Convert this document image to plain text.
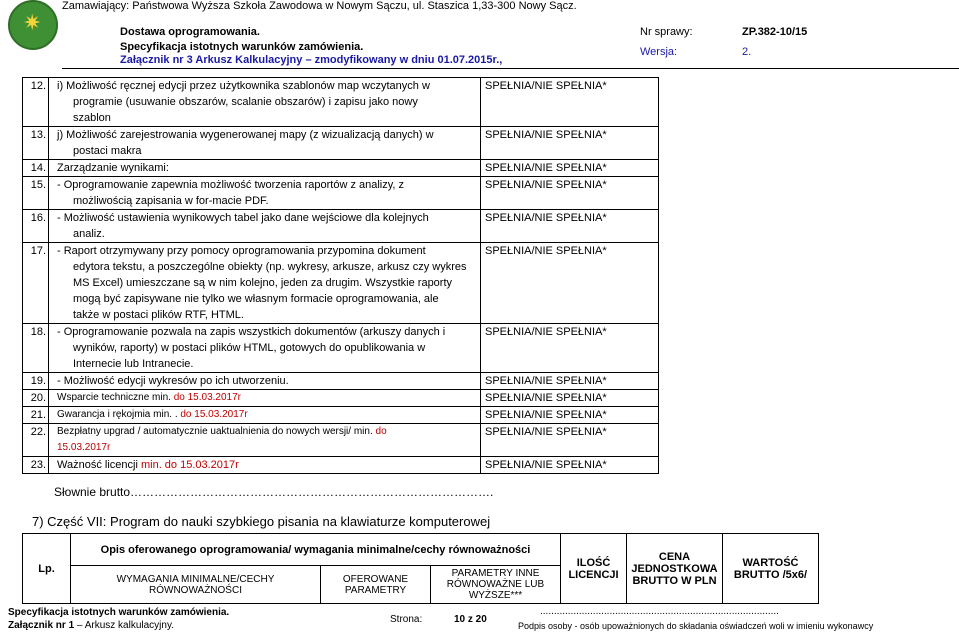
✷
Zamawiający: Państwowa Wyższa Szkoła Zawodowa w Nowym Sączu, ul. Staszica 1,33-300 Nowy Sącz.
Dostawa oprogramowania.
Specyfikacja istotnych warunków zamówienia.
Załącznik nr 3 Arkusz Kalkulacyjny – zmodyfikowany w dniu 01.07.2015r.,
Nr sprawy:	ZP.382-10/15
Wersja:	2.
12.	i) Możliwość ręcznej edycji przez użytkownika szablonów map wczytanych w
programie (usuwanie obszarów, scalanie obszarów) i zapisu jako nowy
szablon	SPEŁNIA/NIE SPEŁNIA*
13.	j) Możliwość zarejestrowania wygenerowanej mapy (z wizualizacją danych) w
postaci makra	SPEŁNIA/NIE SPEŁNIA*
14.	Zarządzanie wynikami:	SPEŁNIA/NIE SPEŁNIA*
15.	- Oprogramowanie zapewnia możliwość tworzenia raportów z analizy, z
możliwością zapisania w for-macie PDF.	SPEŁNIA/NIE SPEŁNIA*
16.	- Możliwość ustawienia wynikowych tabel jako dane wejściowe dla kolejnych
analiz.	SPEŁNIA/NIE SPEŁNIA*
17.	- Raport otrzymywany przy pomocy oprogramowania przypomina dokument
edytora tekstu, a poszczególne obiekty (np. wykresy, arkusze, arkusz czy wykres
MS Excel) umieszczane są w nim kolejno, jeden za drugim. Wszystkie raporty
mogą być zapisywane nie tylko we własnym formacie oprogramowania, ale
także w postaci plików RTF, HTML.	SPEŁNIA/NIE SPEŁNIA*
18.	- Oprogramowanie pozwala na zapis wszystkich dokumentów (arkuszy danych i
wyników, raporty) w postaci plików HTML, gotowych do opublikowania w
Internecie lub Intranecie.	SPEŁNIA/NIE SPEŁNIA*
19.	- Możliwość edycji wykresów po ich utworzeniu.	SPEŁNIA/NIE SPEŁNIA*
20.	Wsparcie techniczne min. do 15.03.2017r	SPEŁNIA/NIE SPEŁNIA*
21.	Gwarancja i rękojmia min. . do 15.03.2017r	SPEŁNIA/NIE SPEŁNIA*
22.	Bezpłatny upgrad / automatycznie uaktualnienia do nowych wersji/ min. do
15.03.2017r	SPEŁNIA/NIE SPEŁNIA*
23.	Ważność licencji min. do 15.03.2017r	SPEŁNIA/NIE SPEŁNIA*
Słownie brutto……………………………………………………………………………….
7) Część VII: Program do nauki szybkiego pisania na klawiaturze komputerowej
Lp.	Opis oferowanego oprogramowania/ wymagania minimalne/cechy równoważności			ILOŚĆ LICENCJI	CENA JEDNOSTKOWA BRUTTO W PLN	WARTOŚĆ BRUTTO /5x6/
	WYMAGANIA MINIMALNE/CECHY RÓWNOWAŻNOŚCI	OFEROWANE PARAMETRY	PARAMETRY INNE RÓWNOWAŻNE LUB WYŻSZE***			
Specyfikacja istotnych warunków zamówienia.
Załącznik nr 1 – Arkusz kalkulacyjny.
Strona:	10 z 20
......................................................................................
Podpis osoby - osób upoważnionych do składania oświadczeń woli w imieniu wykonawcy
